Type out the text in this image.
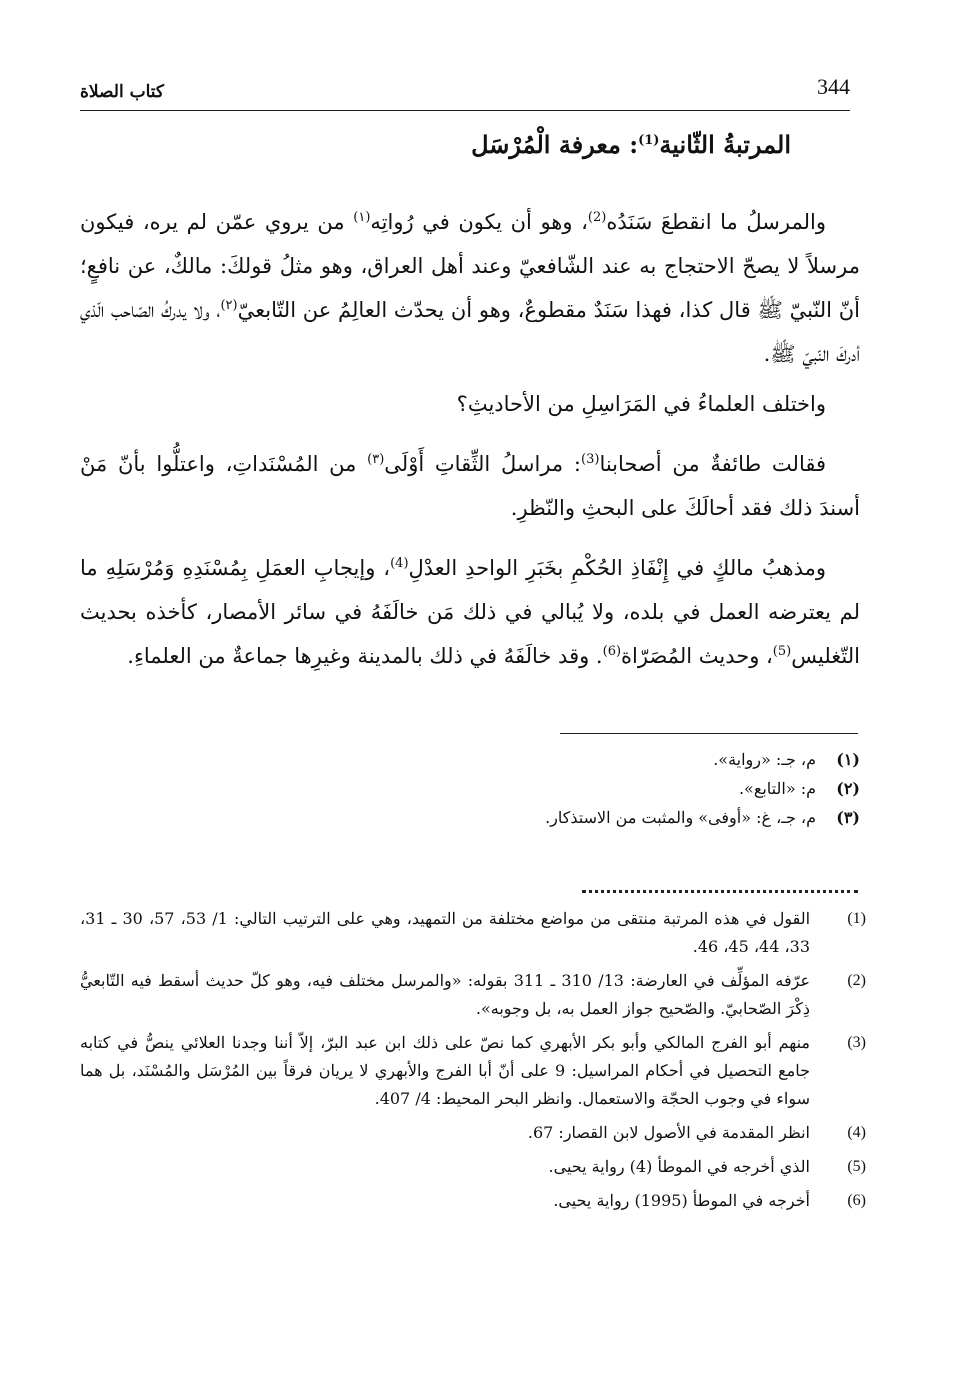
344
كتاب الصلاة
المرتبةُ الثّانية$^{(1)}$: معرفة الْمُرْسَل

والمرسلُ ما انقطعَ سَنَدُه$^{(2)}$، وهو أن يكون في رُواتِه$^{(١)}$ من يروي عمّن لم يره، فيكون مرسلاً لا يصحّ الاحتجاج به عند الشّافعيّ وعند أهل العراق، وهو مثلُ قولكَ: مالكٌ، عن نافعٍ؛ أنّ النّبيّ ﷺ قال كذا، فهذا سَنَدٌ مقطوعٌ، وهو أن يحدّث العالِمُ عن التّابعيّ$^{(٢)}$، ولا يدركُ الصّاحب الّذي أدركَ النّبيّ ﷺ.

واختلف العلماءُ في المَرَاسِلِ من الأحاديثِ؟

فقالت طائفةٌ من أصحابنا$^{(3)}$: مراسلُ الثِّقاتِ أَوْلَى$^{(٣)}$ من المُسْنَداتِ، واعتلُّوا بأنّ مَنْ أسندَ ذلك فقد أحالَكَ على البحثِ والنّظرِ.

ومذهبُ مالكٍ في إِنْفَاذِ الحُكْمِ بخَبَرِ الواحدِ العدْلِ$^{(4)}$، وإيجابِ العمَلِ بِمُسْنَدِهِ وَمُرْسَلِهِ ما لم يعترضه العمل في بلده، ولا يُبالي في ذلك مَن خالَفَهُ في سائر الأمصار، كأخذه بحديث التّغليس$^{(5)}$، وحديث المُصَرّاة$^{(6)}$. وقد خالَفَهُ في ذلك بالمدينة وغيرِها جماعةٌ من العلماءِ.

(١)
م، جـ: «رواية».
(٢)
م: «التابع».
(٣)
م، جـ، غ: «أوفى» والمثبت من الاستذكار.
(1)
القول في هذه المرتبة منتقى من مواضع مختلفة من التمهيد، وهي على الترتيب التالي: 1/ 53، 57، 30 ـ 31، 33، 44، 45، 46.
(2)
عرّفه المؤلِّف في العارضة: 13/ 310 ـ 311 بقوله: «والمرسل مختلف فيه، وهو كلّ حديث أسقط فيه التّابعيُّ ذِكْرَ الصّحابيّ. والصّحيح جواز العمل به، بل وجوبه».
(3)
منهم أبو الفرج المالكي وأبو بكر الأبهري كما نصّ على ذلك ابن عبد البرّ، إلاّ أننا وجدنا العلائي ينصُّ في كتابه جامع التحصيل في أحكام المراسيل: 9 على أنّ أبا الفرج والأبهري لا يريان فرقاً بين المُرْسَل والمُسْنَد، بل هما سواء في وجوب الحجّة والاستعمال. وانظر البحر المحيط: 4/ 407.
(4)
انظر المقدمة في الأصول لابن القصار: 67.
(5)
الذي أخرجه في الموطأ (4) رواية يحيى.
(6)
أخرجه في الموطأ (1995) رواية يحيى.
